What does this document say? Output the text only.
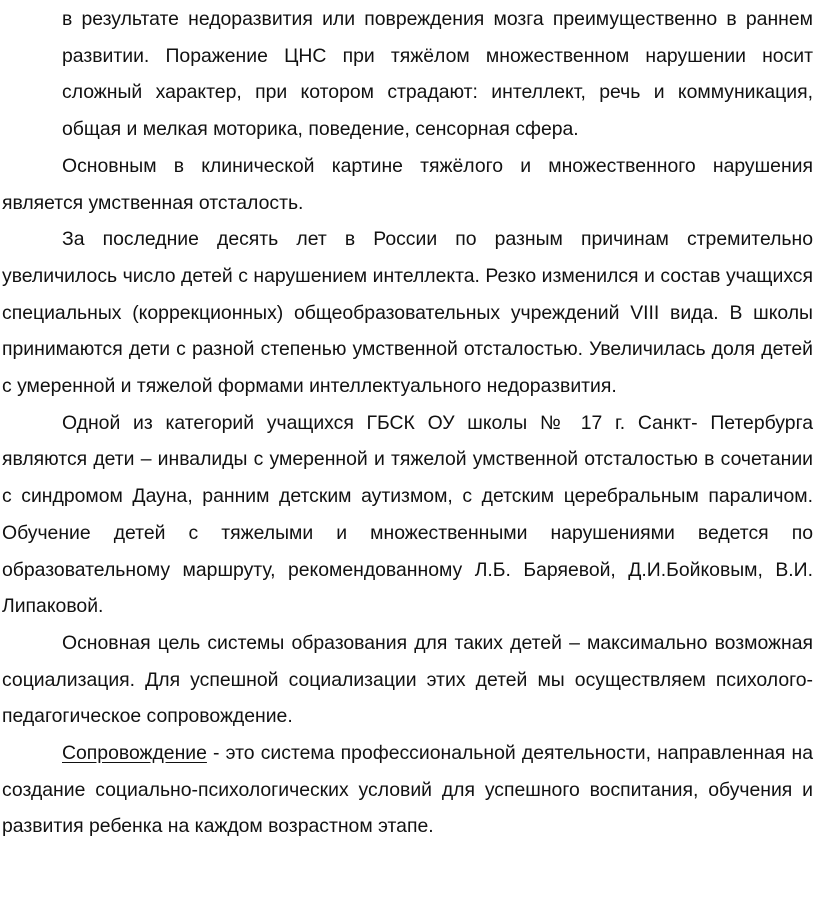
в результате недоразвития или повреждения мозга преимущественно в раннем развитии. Поражение ЦНС при тяжёлом множественном нарушении носит сложный характер, при котором страдают: интеллект, речь и коммуникация, общая и мелкая моторика, поведение, сенсорная сфера.

Основным в клинической картине тяжёлого и множественного нарушения является умственная отсталость.

За последние десять лет в России по разным причинам стремительно увеличилось число детей с нарушением интеллекта. Резко изменился и состав учащихся специальных (коррекционных) общеобразовательных учреждений VIII вида. В школы принимаются дети с разной степенью умственной отсталостью. Увеличилась доля детей с умеренной и тяжелой формами интеллектуального недоразвития.

Одной из категорий учащихся ГБСК ОУ школы № 17 г. Санкт- Петербурга являются дети – инвалиды с умеренной и тяжелой умственной отсталостью в сочетании с синдромом Дауна, ранним детским аутизмом, с детским церебральным параличом. Обучение детей с тяжелыми и множественными нарушениями ведется по образовательному маршруту, рекомендованному Л.Б. Баряевой, Д.И.Бойковым, В.И. Липаковой.

Основная цель системы образования для таких детей – максимально возможная социализация. Для успешной социализации этих детей мы осуществляем психолого-педагогическое сопровождение.

Сопровождение - это система профессиональной деятельности, направленная на создание социально-психологических условий для успешного воспитания, обучения и развития ребенка на каждом возрастном этапе.
